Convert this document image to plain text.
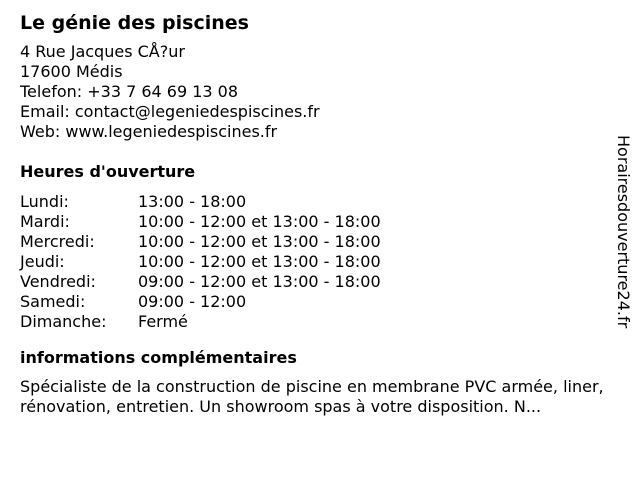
Le génie des piscines
4 Rue Jacques CÅ?ur
17600 Médis
Telefon: +33 7 64 69 13 08
Email: contact@legeniedespiscines.fr
Web: www.legeniedespiscines.fr
Heures d'ouverture
Lundi:	13:00 - 18:00
Mardi:	10:00 - 12:00 et 13:00 - 18:00
Mercredi:	10:00 - 12:00 et 13:00 - 18:00
Jeudi:	10:00 - 12:00 et 13:00 - 18:00
Vendredi:	09:00 - 12:00 et 13:00 - 18:00
Samedi:	09:00 - 12:00
Dimanche:	Fermé
informations complémentaires
Spécialiste de la construction de piscine en membrane PVC armée, liner, rénovation, entretien. Un showroom spas à votre disposition. N...
Horairesdouverture24.fr
